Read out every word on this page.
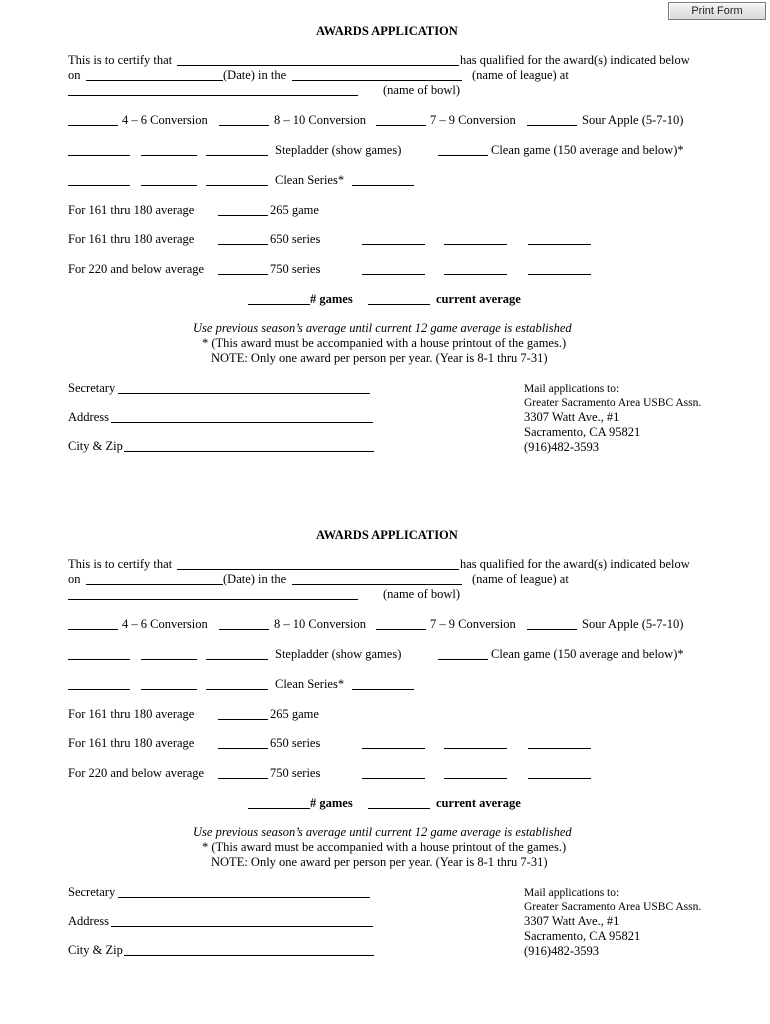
Print Form
AWARDS APPLICATION
This is to certify that	has qualified for the award(s) indicated below
on	(Date) in the	(name of league) at
(name of bowl)
4 – 6 Conversion	8 – 10 Conversion	7 – 9 Conversion	Sour Apple (5-7-10)
Stepladder (show games)	Clean game (150 average and below)*
Clean Series*
For 161 thru 180 average	265 game
For 161 thru 180 average	650 series
For 220 and below average	750 series
# games	current average
Use previous season’s average until current 12 game average is established
* (This award must be accompanied with a house printout of the games.)
NOTE: Only one award per person per year. (Year is 8-1 thru 7-31)
Secretary
Address
City & Zip
Mail applications to:
Greater Sacramento Area USBC Assn.
3307 Watt Ave., #1
Sacramento, CA 95821
(916)482-3593
AWARDS APPLICATION
This is to certify that	has qualified for the award(s) indicated below
on	(Date) in the	(name of league) at
(name of bowl)
4 – 6 Conversion	8 – 10 Conversion	7 – 9 Conversion	Sour Apple (5-7-10)
Stepladder (show games)	Clean game (150 average and below)*
Clean Series*
For 161 thru 180 average	265 game
For 161 thru 180 average	650 series
For 220 and below average	750 series
# games	current average
Use previous season’s average until current 12 game average is established
* (This award must be accompanied with a house printout of the games.)
NOTE: Only one award per person per year. (Year is 8-1 thru 7-31)
Secretary
Address
City & Zip
Mail applications to:
Greater Sacramento Area USBC Assn.
3307 Watt Ave., #1
Sacramento, CA 95821
(916)482-3593
